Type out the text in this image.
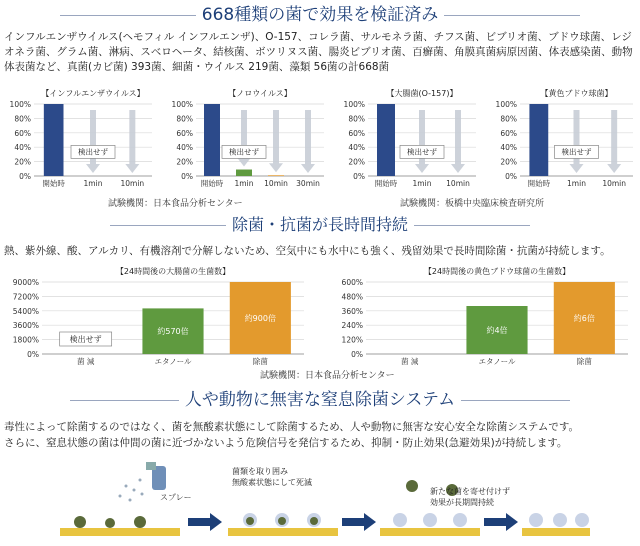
668種類の菌で効果を検証済み
インフルエンザウイルス(ヘモフィル インフルエンザ)、O-157、コレラ菌、サルモネラ菌、チフス菌、ビブリオ菌、ブドウ球菌、レジオネラ菌、グラム菌、淋病、スベロヘータ、結核菌、ボツリヌス菌、腸炎ビブリオ菌、百癬菌、角膜真菌病原因菌、体表感染菌、動物体表菌など、真菌(カビ菌) 393菌、細菌・ウイルス 219菌、藻類 56菌の計668菌
【インフルエンザウイルス】
100%
80%
60%
40%
20%
0%
開始時 1min 10min
検出せず
【ノロウイルス】
100%
80%
60%
40%
20%
0%
開始時 1min 10min 30min
検出せず
【大腸菌(O-157)】
100%
80%
60%
40%
20%
0%
開始時 1min 10min
検出せず
【黄色ブドウ球菌】
100%
80%
60%
40%
20%
0%
開始時 1min 10min
検出せず
試験機関：日本食品分析センター	試験機関：板橋中央臨床検査研究所
除菌・抗菌が長時間持続
熱、紫外線、酸、アルカリ、有機溶剤で分解しないため、空気中にも水中にも強く、残留効果で長時間除菌・抗菌が持続します。
【24時間後の大腸菌の生菌数】
9000%
7200%
5400%
3600%
1800%
0%
菌 減
検出せず
エタノール
約570倍
除菌
約900倍
【24時間後の黄色ブドウ球菌の生菌数】
600%
480%
360%
240%
120%
0%
菌 減	エタノール
約4倍
除菌
約6倍
試験機関：日本食品分析センター
人や動物に無害な窒息除菌システム
毒性によって除菌するのではなく、菌を無酸素状態にして除菌するため、人や動物に無害な安心安全な除菌システムです。
さらに、窒息状態の菌は仲間の菌に近づかないよう危険信号を発信するため、抑制・防止効果(急避効果)が持続します。
スプレー
菌類を取り囲み
無酸素状態にして死滅
新たな菌を寄せ付けず
効果が長期間持続
